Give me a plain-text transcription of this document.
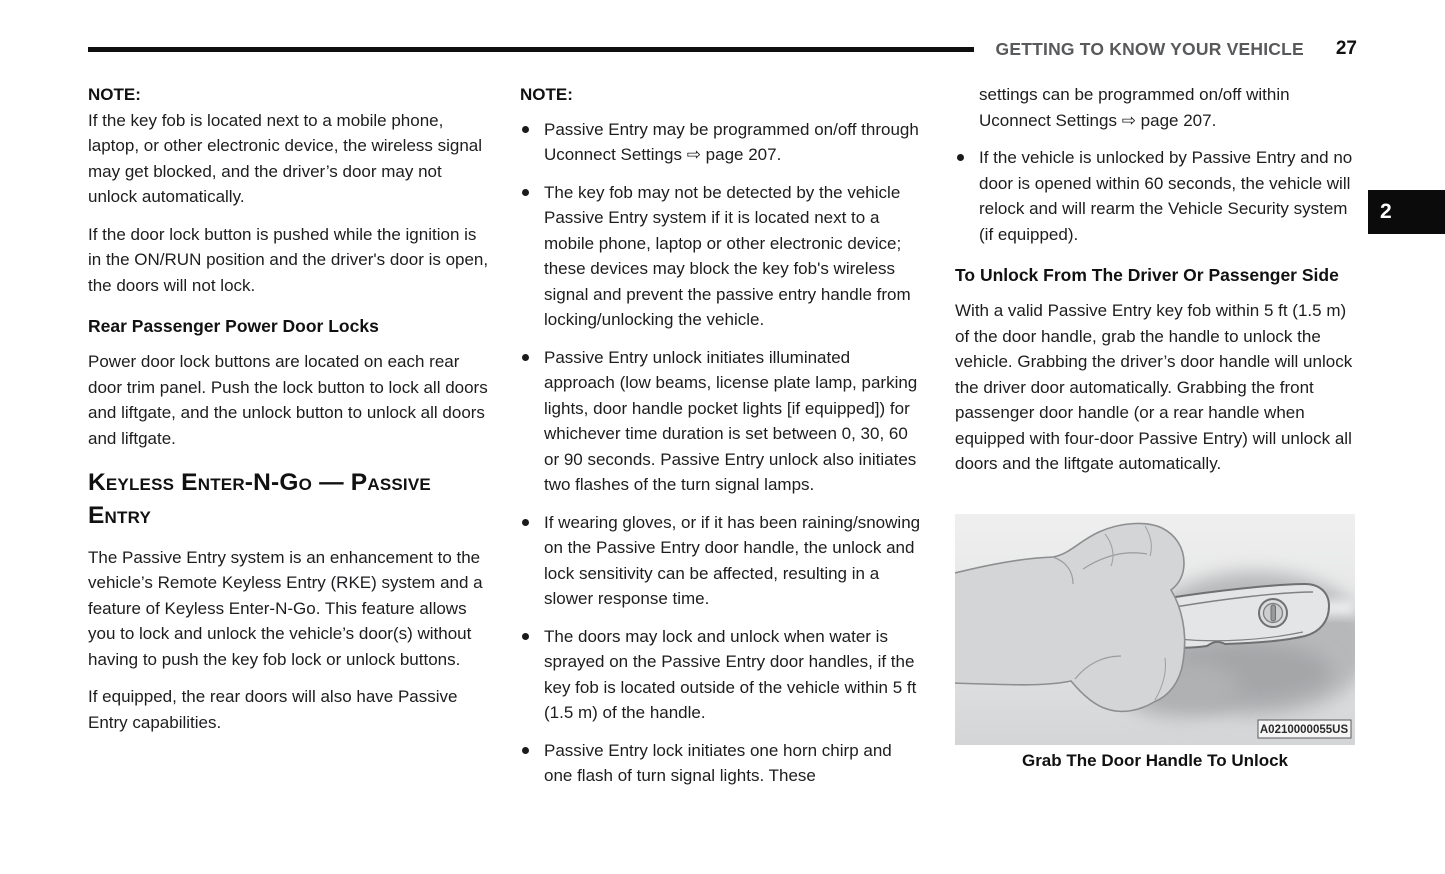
GETTING TO KNOW YOUR VEHICLE 27
2
NOTE:
If the key fob is located next to a mobile phone, laptop, or other electronic device, the wireless signal may get blocked, and the driver’s door may not unlock automatically.
If the door lock button is pushed while the ignition is in the ON/RUN position and the driver's door is open, the doors will not lock.
Rear Passenger Power Door Locks
Power door lock buttons are located on each rear door trim panel. Push the lock button to lock all doors and liftgate, and the unlock button to unlock all doors and liftgate.
Keyless Enter-N-Go — Passive Entry
The Passive Entry system is an enhancement to the vehicle’s Remote Keyless Entry (RKE) system and a feature of Keyless Enter-N-Go. This feature allows you to lock and unlock the vehicle’s door(s) without having to push the key fob lock or unlock buttons.
If equipped, the rear doors will also have Passive Entry capabilities.
NOTE:
Passive Entry may be programmed on/off through Uconnect Settings ⇨ page 207.
The key fob may not be detected by the vehicle Passive Entry system if it is located next to a mobile phone, laptop or other electronic device; these devices may block the key fob's wireless signal and prevent the passive entry handle from locking/unlocking the vehicle.
Passive Entry unlock initiates illuminated approach (low beams, license plate lamp, parking lights, door handle pocket lights [if equipped]) for whichever time duration is set between 0, 30, 60 or 90 seconds. Passive Entry unlock also initiates two flashes of the turn signal lamps.
If wearing gloves, or if it has been raining/snowing on the Passive Entry door handle, the unlock and lock sensitivity can be affected, resulting in a slower response time.
The doors may lock and unlock when water is sprayed on the Passive Entry door handles, if the key fob is located outside of the vehicle within 5 ft (1.5 m) of the handle.
Passive Entry lock initiates one horn chirp and one flash of turn signal lights. These
settings can be programmed on/off within Uconnect Settings ⇨ page 207.
If the vehicle is unlocked by Passive Entry and no door is opened within 60 seconds, the vehicle will relock and will rearm the Vehicle Security system (if equipped).
To Unlock From The Driver Or Passenger Side
With a valid Passive Entry key fob within 5 ft (1.5 m) of the door handle, grab the handle to unlock the vehicle. Grabbing the driver’s door handle will unlock the driver door automatically. Grabbing the front passenger door handle (or a rear handle when equipped with four-door Passive Entry) will unlock all doors and the liftgate automatically.
A0210000055US
Grab The Door Handle To Unlock
